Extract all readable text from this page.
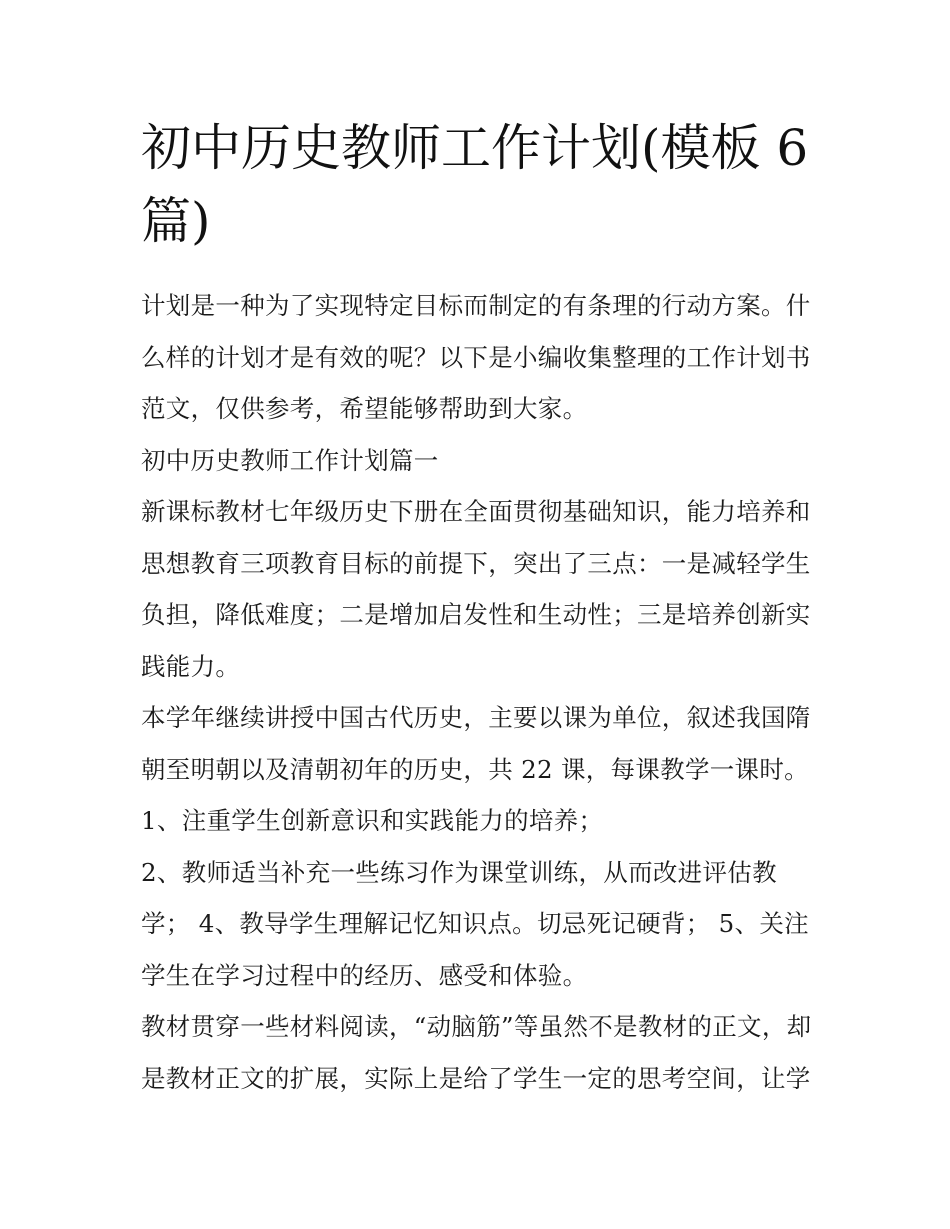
初中历史教师工作计划(模板 6
篇)

计划是一种为了实现特定目标而制定的有条理的行动方案。什
么样的计划才是有效的呢？以下是小编收集整理的工作计划书
范文，仅供参考，希望能够帮助到大家。

初中历史教师工作计划篇一

新课标教材七年级历史下册在全面贯彻基础知识，能力培养和
思想教育三项教育目标的前提下，突出了三点：一是减轻学生
负担，降低难度；二是增加启发性和生动性；三是培养创新实
践能力。

本学年继续讲授中国古代历史，主要以课为单位，叙述我国隋
朝至明朝以及清朝初年的历史，共 22 课，每课教学一课时。

1、注重学生创新意识和实践能力的培养；

2、教师适当补充一些练习作为课堂训练，从而改进评估教
学； 4、教导学生理解记忆知识点。切忌死记硬背； 5、关注
学生在学习过程中的经历、感受和体验。

教材贯穿一些材料阅读，“动脑筋”等虽然不是教材的正文，却
是教材正文的扩展，实际上是给了学生一定的思考空间，让学
